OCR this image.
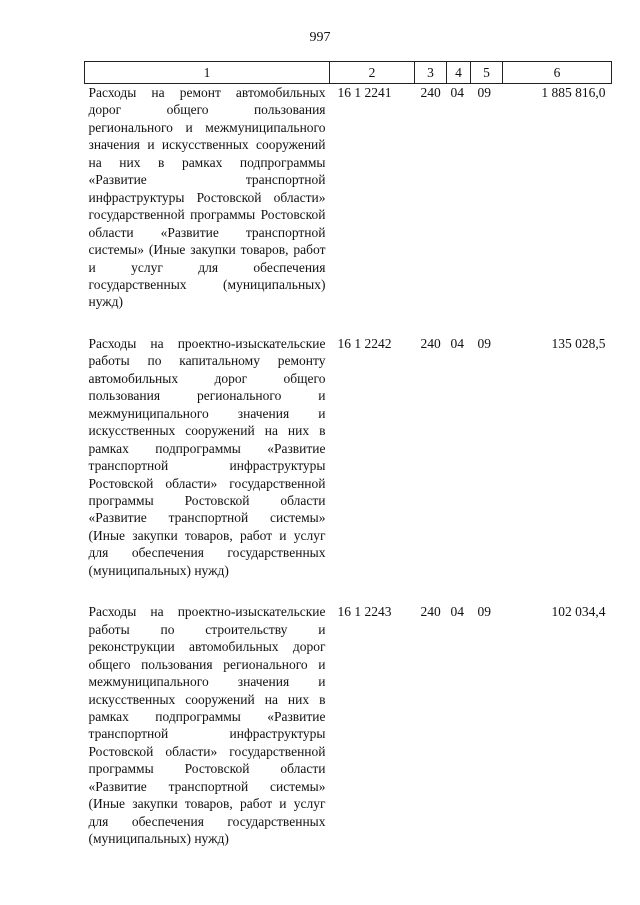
997
1	2	3	4	5	6
Расходы на ремонт автомобильных дорог общего пользования регионального и межмуниципального значения и искусственных сооружений на них в рамках подпрограммы «Развитие транспортной инфраструктуры Ростовской области» государственной программы Ростовской области «Развитие транспортной системы» (Иные закупки товаров, работ и услуг для обеспечения государственных (муниципальных) нужд)	16 1 2241	240	04	09	1 885 816,0
Расходы на проектно-изыскательские работы по капитальному ремонту автомобильных дорог общего пользования регионального и межмуниципального значения и искусственных сооружений на них в рамках подпрограммы «Развитие транспортной инфраструктуры Ростовской области» государственной программы Ростовской области «Развитие транспортной системы» (Иные закупки товаров, работ и услуг для обеспечения государственных (муниципальных) нужд)	16 1 2242	240	04	09	135 028,5
Расходы на проектно-изыскательские работы по строительству и реконструкции автомобильных дорог общего пользования регионального и межмуниципального значения и искусственных сооружений на них в рамках подпрограммы «Развитие транспортной инфраструктуры Ростовской области» государственной программы Ростовской области «Развитие транспортной системы» (Иные закупки товаров, работ и услуг для обеспечения государственных (муниципальных) нужд)	16 1 2243	240	04	09	102 034,4
